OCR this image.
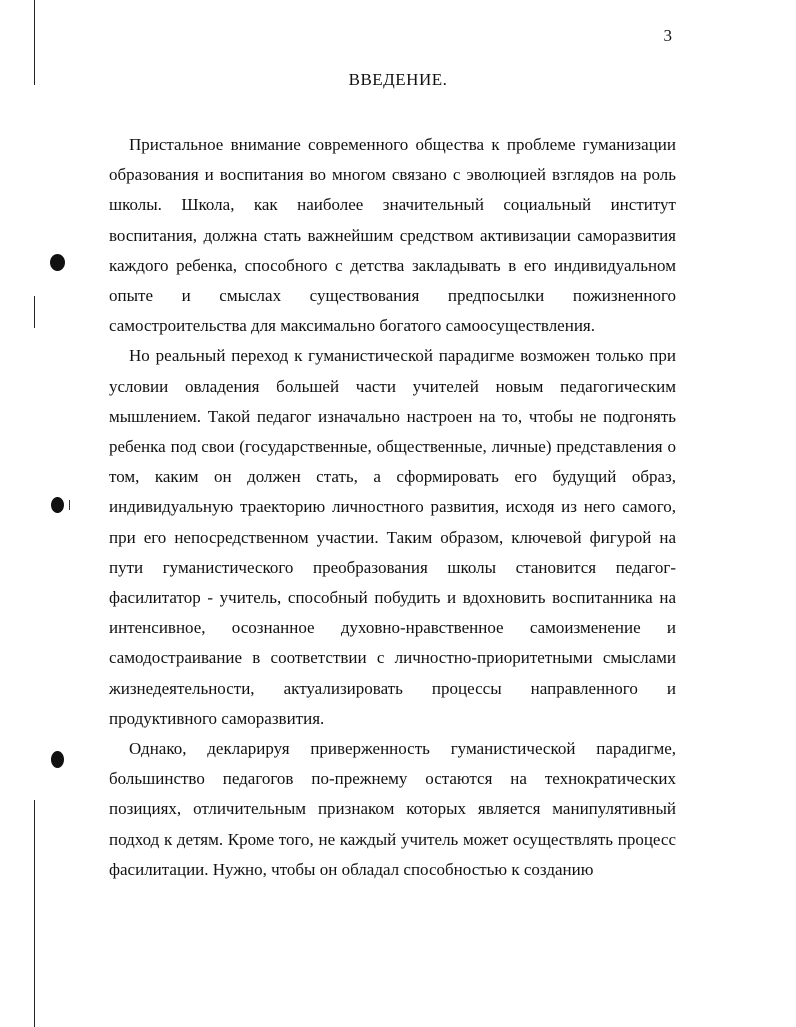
3
ВВЕДЕНИЕ.

Пристальное внимание современного общества к проблеме гуманизации образования и воспитания во многом связано с эволюцией взглядов на роль школы. Школа, как наиболее значительный социальный институт воспитания, должна стать важнейшим средством активизации саморазвития каждого ребенка, способного с детства закладывать в его индивидуальном опыте и смыслах существования предпосылки пожизненного самостроительства для максимально богатого самоосуществления.

Но реальный переход к гуманистической парадигме возможен только при условии овладения большей части учителей новым педагогическим мышлением. Такой педагог изначально настроен на то, чтобы не подгонять ребенка под свои (государственные, общественные, личные) представления о том, каким он должен стать, а сформировать его будущий образ, индивидуальную траекторию личностного развития, исходя из него самого, при его непосредственном участии. Таким образом, ключевой фигурой на пути гуманистического преобразования школы становится педагог-фасилитатор - учитель, способный побудить и вдохновить воспитанника на интенсивное, осознанное духовно-нравственное самоизменение и самодостраивание в соответствии с личностно-приоритетными смыслами жизнедеятельности, актуализировать процессы направленного и продуктивного саморазвития.

Однако, декларируя приверженность гуманистической парадигме, большинство педагогов по-прежнему остаются на технократических позициях, отличительным признаком которых является манипулятивный подход к детям. Кроме того, не каждый учитель может осуществлять процесс фасилитации. Нужно, чтобы он обладал способностью к созданию
